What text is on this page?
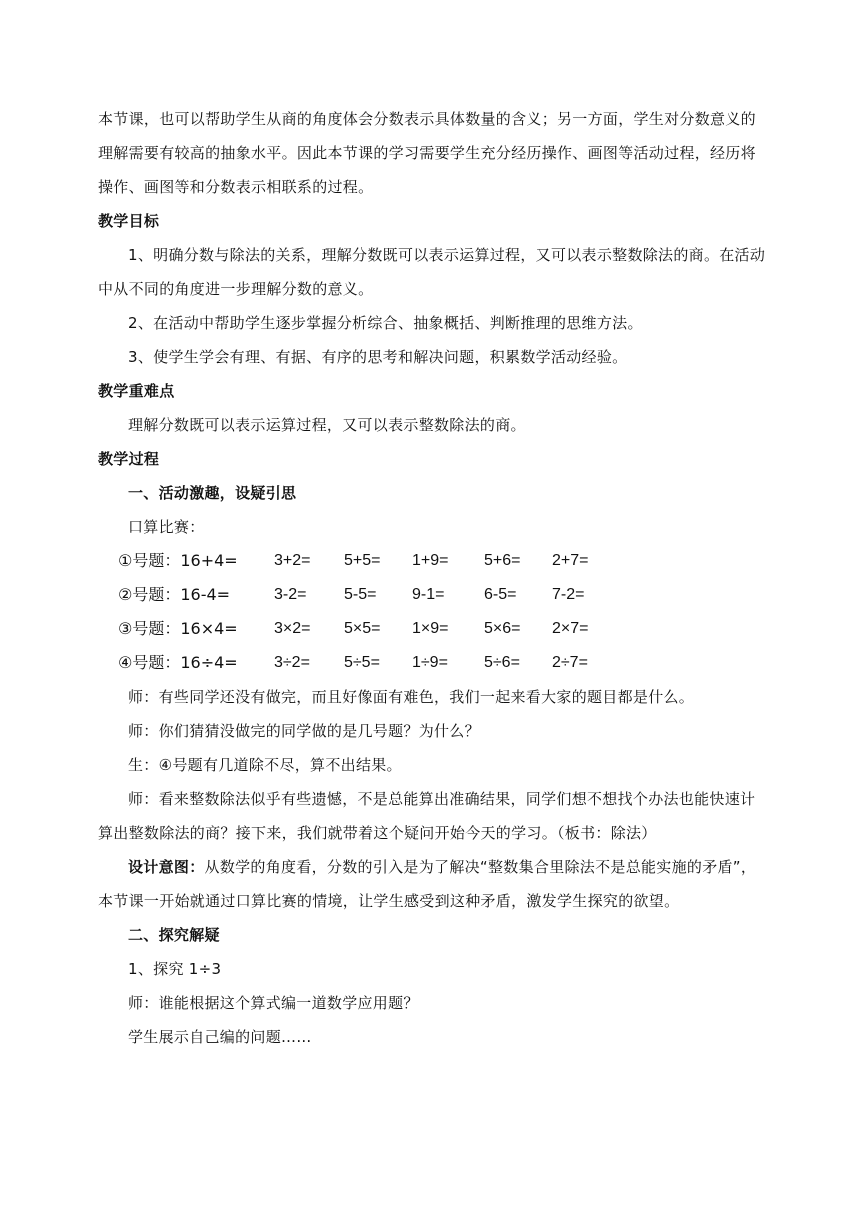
本节课，也可以帮助学生从商的角度体会分数表示具体数量的含义；另一方面，学生对分数意义的理解需要有较高的抽象水平。因此本节课的学习需要学生充分经历操作、画图等活动过程，经历将操作、画图等和分数表示相联系的过程。

教学目标

1、明确分数与除法的关系，理解分数既可以表示运算过程，又可以表示整数除法的商。在活动中从不同的角度进一步理解分数的意义。

2、在活动中帮助学生逐步掌握分析综合、抽象概括、判断推理的思维方法。

3、使学生学会有理、有据、有序的思考和解决问题，积累数学活动经验。

教学重难点

理解分数既可以表示运算过程，又可以表示整数除法的商。

教学过程

一、活动激趣，设疑引思

口算比赛：

①号题：16+4= 3+2= 5+5= 1+9= 5+6= 2+7=
②号题：16-4=	3-2= 5-5= 9-1= 6-5= 7-2=
③号题：16×4= 3×2= 5×5= 1×9= 5×6= 2×7=
④号题：16÷4= 3÷2= 5÷5= 1÷9= 5÷6= 2÷7=

师：有些同学还没有做完，而且好像面有难色，我们一起来看大家的题目都是什么。

师：你们猜猜没做完的同学做的是几号题？为什么？

生：④号题有几道除不尽，算不出结果。

师：看来整数除法似乎有些遗憾，不是总能算出准确结果，同学们想不想找个办法也能快速计算出整数除法的商？接下来，我们就带着这个疑问开始今天的学习。（板书：除法）

设计意图：从数学的角度看，分数的引入是为了解决“整数集合里除法不是总能实施的矛盾”，本节课一开始就通过口算比赛的情境，让学生感受到这种矛盾，激发学生探究的欲望。

二、探究解疑

1、探究 1÷3

师：谁能根据这个算式编一道数学应用题？

学生展示自己编的问题……
